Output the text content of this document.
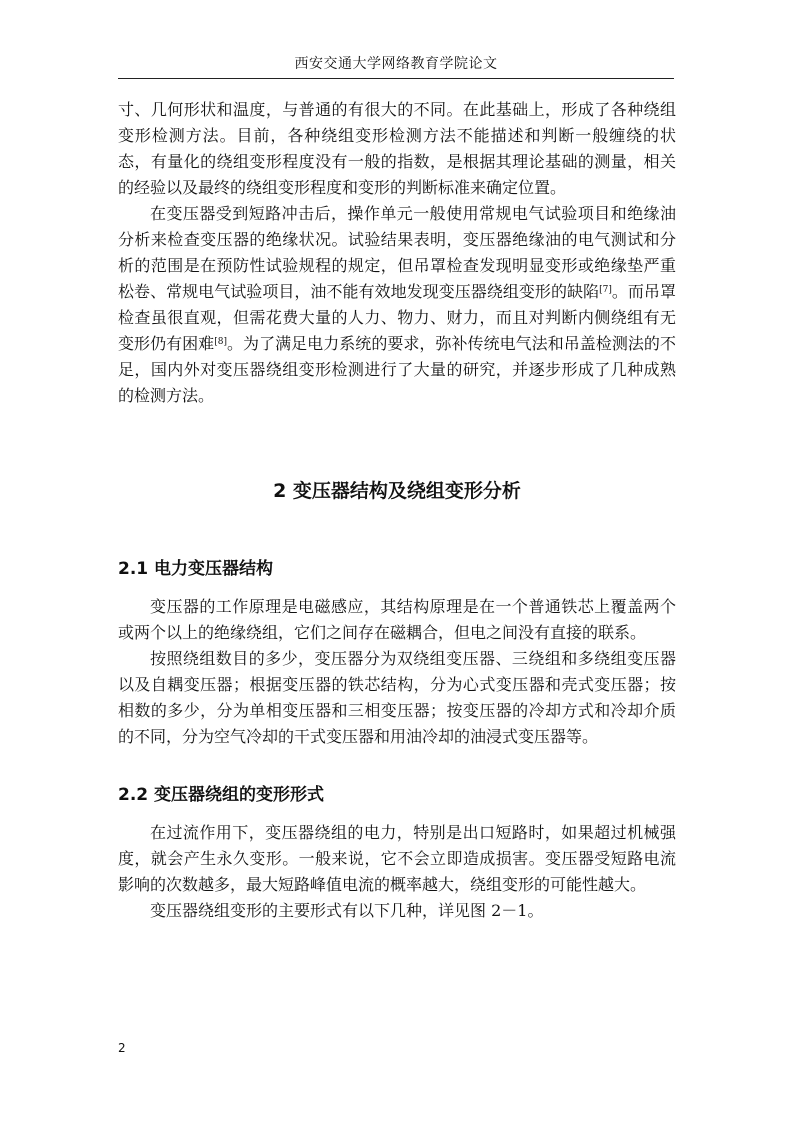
西安交通大学网络教育学院论文

寸、几何形状和温度，与普通的有很大的不同。在此基础上，形成了各种绕组变形检测方法。目前，各种绕组变形检测方法不能描述和判断一般缠绕的状态，有量化的绕组变形程度没有一般的指数，是根据其理论基础的测量，相关的经验以及最终的绕组变形程度和变形的判断标准来确定位置。

在变压器受到短路冲击后，操作单元一般使用常规电气试验项目和绝缘油分析来检查变压器的绝缘状况。试验结果表明，变压器绝缘油的电气测试和分析的范围是在预防性试验规程的规定，但吊罩检查发现明显变形或绝缘垫严重松卷、常规电气试验项目，油不能有效地发现变压器绕组变形的缺陷[7]。而吊罩检查虽很直观，但需花费大量的人力、物力、财力，而且对判断内侧绕组有无变形仍有困难[8]。为了满足电力系统的要求，弥补传统电气法和吊盖检测法的不足，国内外对变压器绕组变形检测进行了大量的研究，并逐步形成了几种成熟的检测方法。

2 变压器结构及绕组变形分析
2.1 电力变压器结构

变压器的工作原理是电磁感应，其结构原理是在一个普通铁芯上覆盖两个或两个以上的绝缘绕组，它们之间存在磁耦合，但电之间没有直接的联系。

按照绕组数目的多少，变压器分为双绕组变压器、三绕组和多绕组变压器以及自耦变压器；根据变压器的铁芯结构，分为心式变压器和壳式变压器；按相数的多少，分为单相变压器和三相变压器；按变压器的冷却方式和冷却介质的不同，分为空气冷却的干式变压器和用油冷却的油浸式变压器等。

2.2 变压器绕组的变形形式

在过流作用下，变压器绕组的电力，特别是出口短路时，如果超过机械强度，就会产生永久变形。一般来说，它不会立即造成损害。变压器受短路电流影响的次数越多，最大短路峰值电流的概率越大，绕组变形的可能性越大。

变压器绕组变形的主要形式有以下几种，详见图 2－1。

2
